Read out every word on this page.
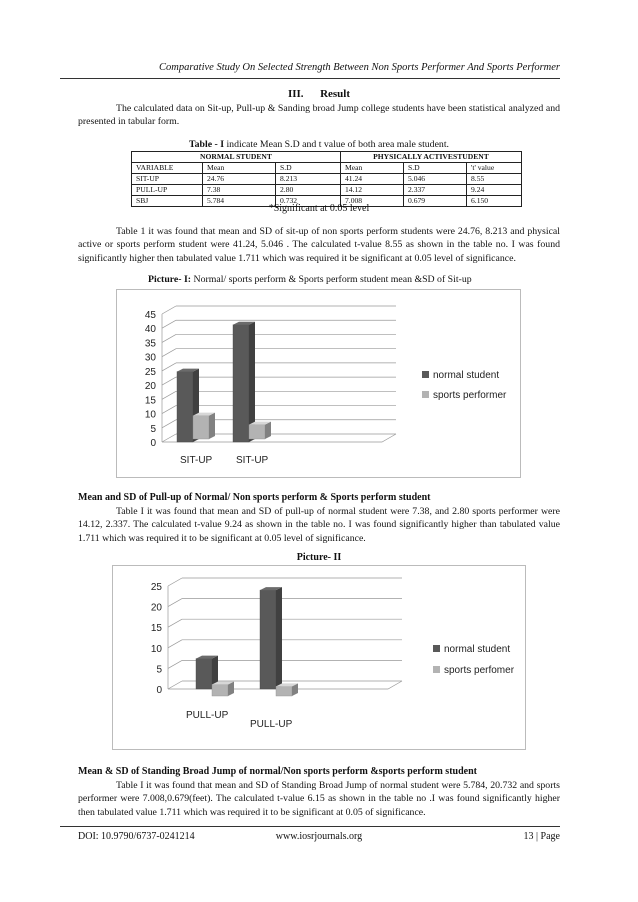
Comparative Study On Selected Strength Between Non Sports Performer And Sports Performer
III. Result
The calculated data on Sit-up, Pull-up & Sanding broad Jump college students have been statistical analyzed and presented in tabular form.
Table - I indicate Mean S.D and t value of both area male student.
NORMAL STUDENT			PHYSICALLY ACTIVESTUDENT		
VARIABLE	Mean	S.D	Mean	S.D	't' value
SIT-UP	24.76	8.213	41.24	5.046	8.55
PULL-UP	7.38	2.80	14.12	2.337	9.24
SBJ	5.784	0.732	7.008	0.679	6.150
*Significant at 0.05 level
Table 1 it was found that mean and SD of sit-up of non sports perform students were 24.76, 8.213 and physical active or sports perform student were 41.24, 5.046 . The calculated t-value 8.55 as shown in the table no. I was found significantly higher then tabulated value 1.711 which was required it be significant at 0.05 level of significance.
Picture- I: Normal/ sports perform & Sports perform student mean &SD of Sit-up
0
5
10
15
20
25
30
35
40
45
SIT-UP SIT-UP
normal student
sports performer
Mean and SD of Pull-up of Normal/ Non sports perform & Sports perform student
Table I it was found that mean and SD of pull-up of normal student were 7.38, and 2.80 sports performer were 14.12, 2.337. The calculated t-value 9.24 as shown in the table no. I was found significantly higher than tabulated value 1.711 which was required it to be significant at 0.05 level of significance.
Picture- II
0
5
10
15
20
25
PULL-UP
PULL-UP
normal student
sports perfomer
Mean & SD of Standing Broad Jump of normal/Non sports perform &sports perform student
Table I it was found that mean and SD of Standing Broad Jump of normal student were 5.784, 20.732 and sports performer were 7.008,0.679(feet). The calculated t-value 6.15 as shown in the table no .I was found significantly higher then tabulated value 1.711 which was required it to be significant at 0.05 of significance.
DOI: 10.9790/6737-0241214	www.iosrjournals.org	13 | Page
